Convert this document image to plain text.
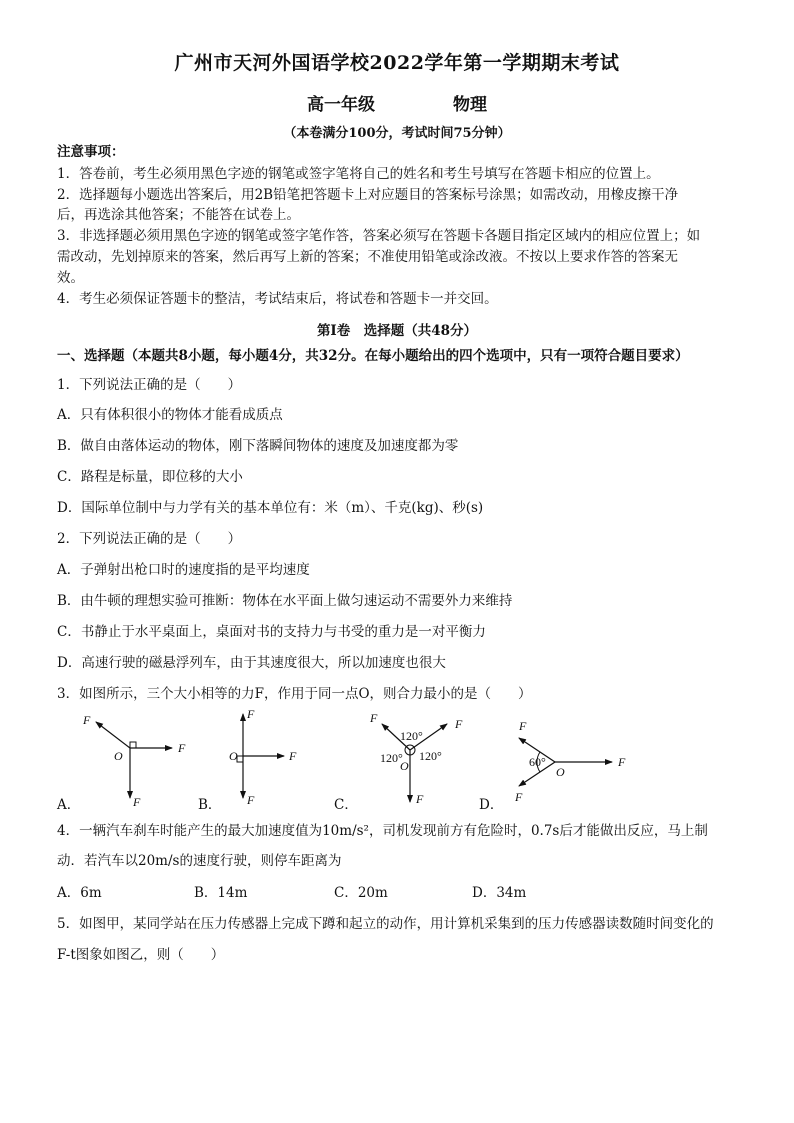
广州市天河外国语学校2022学年第一学期期末考试
高一年级	物理
（本卷满分100分，考试时间75分钟）
注意事项：
1．答卷前，考生必须用黑色字迹的钢笔或签字笔将自己的姓名和考生号填写在答题卡相应的位置上。
2．选择题每小题选出答案后，用2B铅笔把答题卡上对应题目的答案标号涂黑；如需改动，用橡皮擦干净
后，再选涂其他答案；不能答在试卷上。
3．非选择题必须用黑色字迹的钢笔或签字笔作答，答案必须写在答题卡各题目指定区域内的相应位置上；如
需改动，先划掉原来的答案，然后再写上新的答案；不准使用铅笔或涂改液。不按以上要求作答的答案无
效。
4．考生必须保证答题卡的整洁，考试结束后，将试卷和答题卡一并交回。
第Ⅰ卷　选择题（共48分）
一、选择题（本题共8小题，每小题4分，共32分。在每小题给出的四个选项中，只有一项符合题目要求）
1．下列说法正确的是（　　）
A．只有体积很小的物体才能看成质点
B．做自由落体运动的物体，刚下落瞬间物体的速度及加速度都为零
C．路程是标量，即位移的大小
D．国际单位制中与力学有关的基本单位有：米（m）、千克(kg)、秒(s)
2．下列说法正确的是（　　）
A．子弹射出枪口时的速度指的是平均速度
B．由牛顿的理想实验可推断：物体在水平面上做匀速运动不需要外力来维持
C．书静止于水平桌面上，桌面对书的支持力与书受的重力是一对平衡力
D．高速行驶的磁悬浮列车，由于其速度很大，所以加速度也很大
3．如图所示，三个大小相等的力F，作用于同一点O，则合力最小的是（　　）
F
F
F
O
F
F
F
O
F	F
F
O
120°
120° 120°
F
F
F
O
60°
A．	B．	C．	D．
4．一辆汽车刹车时能产生的最大加速度值为10m/s²，司机发现前方有危险时，0.7s后才能做出反应，马上制
动．若汽车以20m/s的速度行驶，则停车距离为
A．6m	B．14m	C．20m	D．34m
5．如图甲，某同学站在压力传感器上完成下蹲和起立的动作，用计算机采集到的压力传感器读数随时间变化的
F-t图象如图乙，则（　　）
